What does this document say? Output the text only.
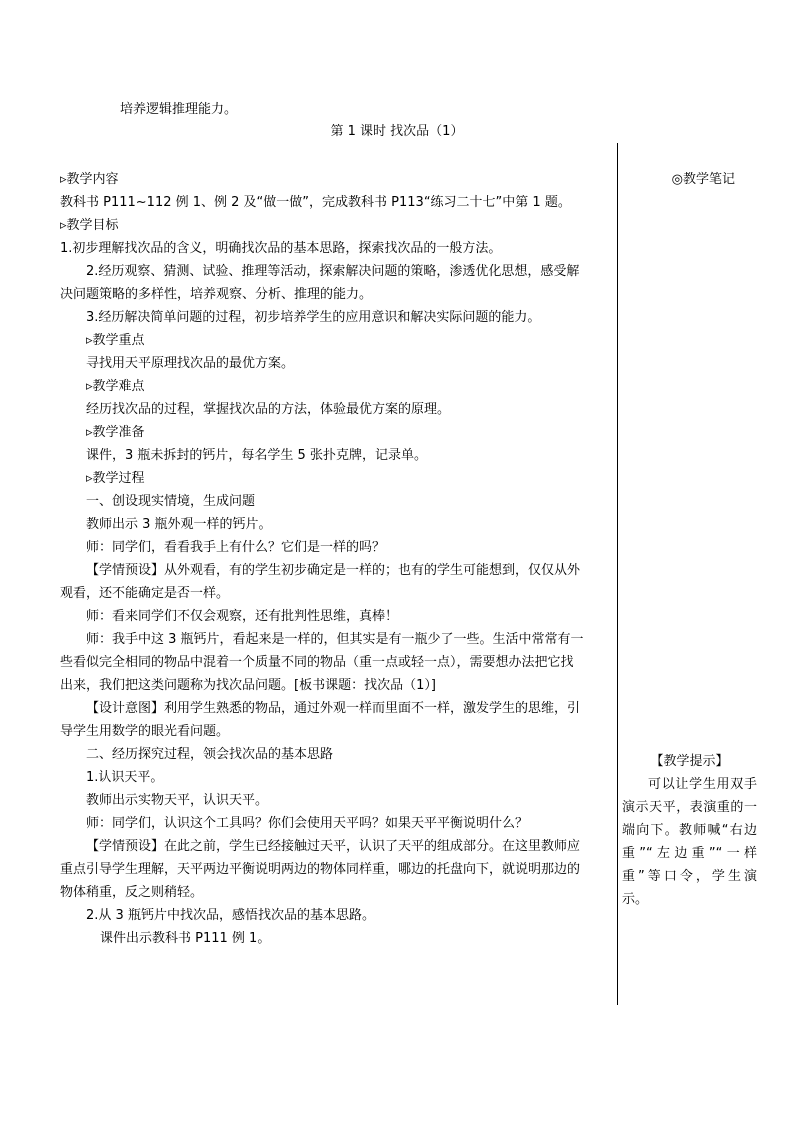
培养逻辑推理能力。
第 1 课时 找次品（1）

▹教学内容

教科书 P111~112 例 1、例 2 及“做一做”，完成教科书 P113“练习二十七”中第 1 题。

▹教学目标

1.初步理解找次品的含义，明确找次品的基本思路，探索找次品的一般方法。

2.经历观察、猜测、试验、推理等活动，探索解决问题的策略，渗透优化思想，感受解

决问题策略的多样性，培养观察、分析、推理的能力。

3.经历解决简单问题的过程，初步培养学生的应用意识和解决实际问题的能力。

▹教学重点

寻找用天平原理找次品的最优方案。

▹教学难点

经历找次品的过程，掌握找次品的方法，体验最优方案的原理。

▹教学准备

课件，3 瓶未拆封的钙片，每名学生 5 张扑克牌，记录单。

▹教学过程

一、创设现实情境，生成问题

教师出示 3 瓶外观一样的钙片。

师：同学们，看看我手上有什么？它们是一样的吗？

【学情预设】从外观看，有的学生初步确定是一样的；也有的学生可能想到，仅仅从外

观看，还不能确定是否一样。

师：看来同学们不仅会观察，还有批判性思维，真棒！

师：我手中这 3 瓶钙片，看起来是一样的，但其实是有一瓶少了一些。生活中常常有一

些看似完全相同的物品中混着一个质量不同的物品（重一点或轻一点），需要想办法把它找

出来，我们把这类问题称为找次品问题。[板书课题：找次品（1）]

【设计意图】利用学生熟悉的物品，通过外观一样而里面不一样，激发学生的思维，引

导学生用数学的眼光看问题。

二、经历探究过程，领会找次品的基本思路

1.认识天平。

教师出示实物天平，认识天平。

师：同学们，认识这个工具吗？你们会使用天平吗？如果天平平衡说明什么？

【学情预设】在此之前，学生已经接触过天平，认识了天平的组成部分。在这里教师应

重点引导学生理解，天平两边平衡说明两边的物体同样重，哪边的托盘向下，就说明那边的

物体稍重，反之则稍轻。

2.从 3 瓶钙片中找次品，感悟找次品的基本思路。

课件出示教科书 P111 例 1。

◎教学笔记

【教学提示】

可以让学生用双手演示天平，表演重的一端向下。教师喊“右边重”“左边重”“一样重”等口令，学生演示。
